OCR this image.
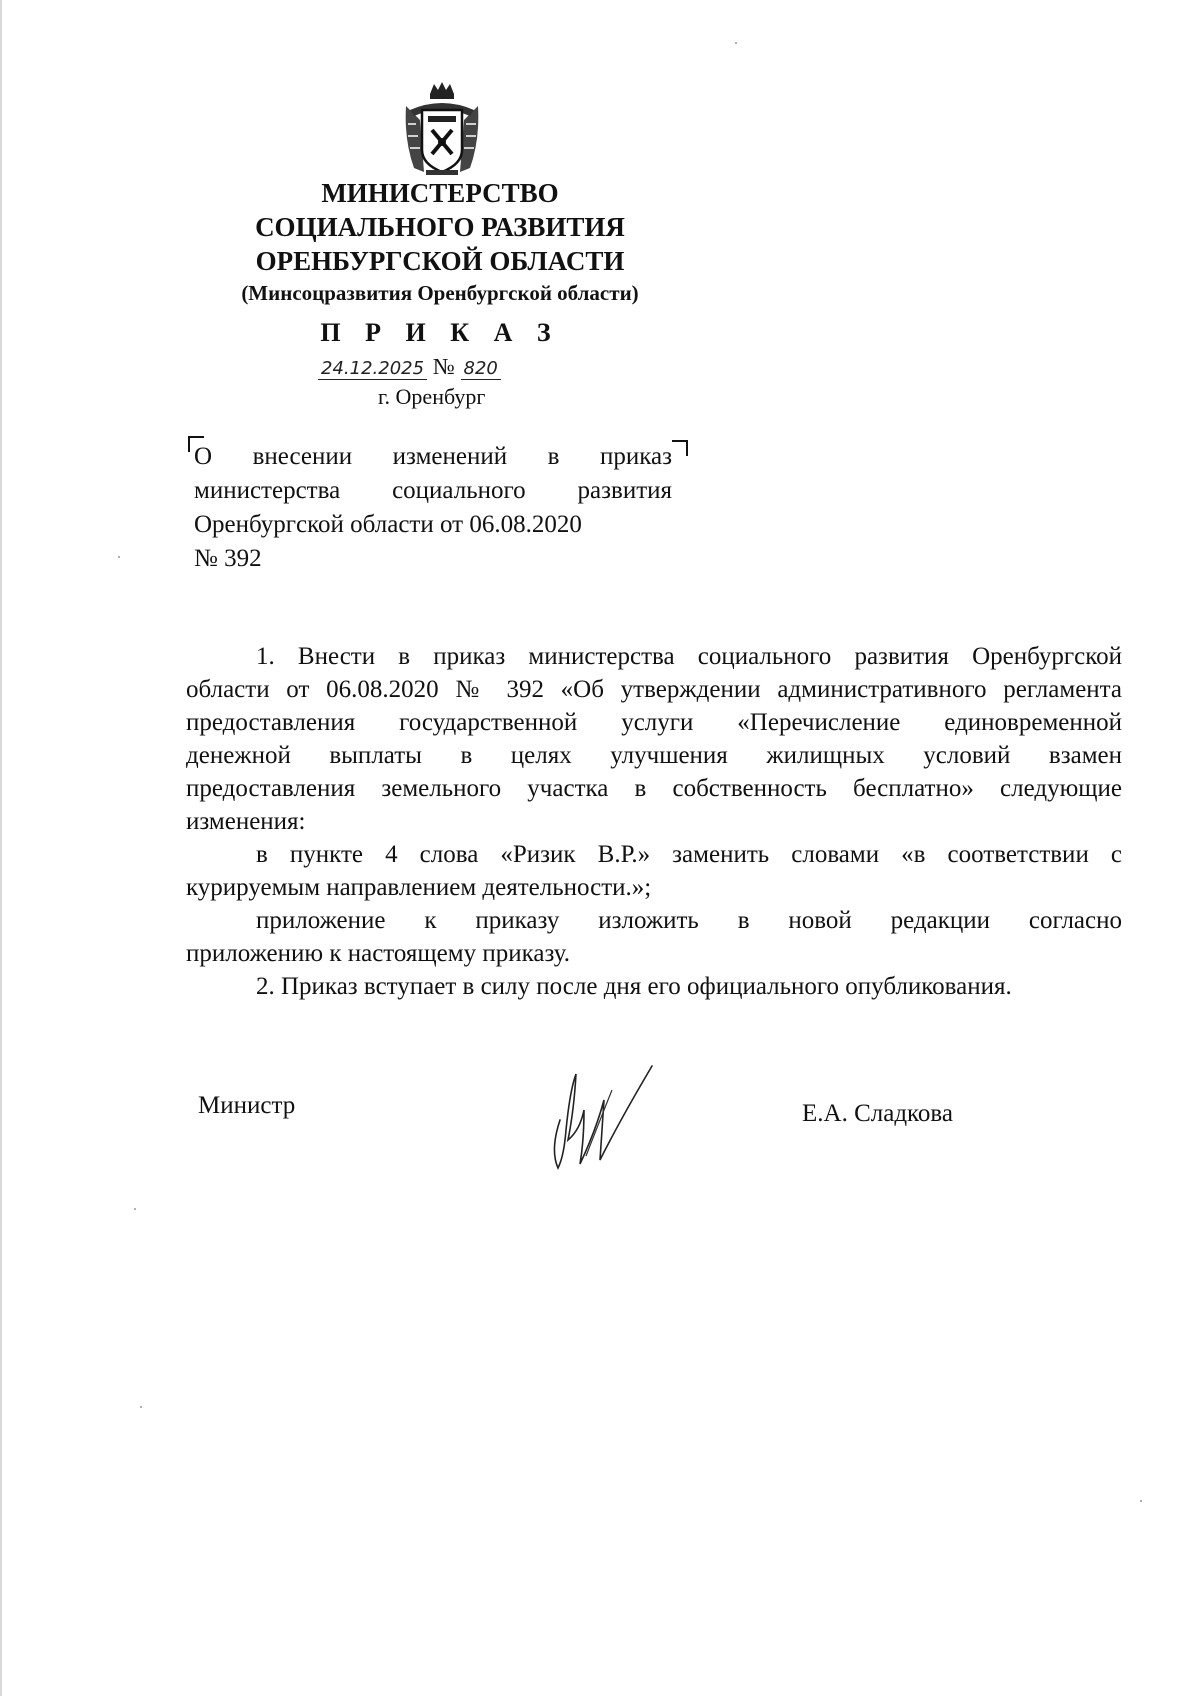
МИНИСТЕРСТВО
СОЦИАЛЬНОГО РАЗВИТИЯ
ОРЕНБУРГСКОЙ ОБЛАСТИ
(Минсоцразвития Оренбургской области)
П Р И К А З
24.12.2025 № 820
г. Оренбург
О внесении изменений в приказ
министерства социального развития
Оренбургской области от 06.08.2020
№ 392
1. Внести в приказ министерства социального развития Оренбургской
области от 06.08.2020 № 392 «Об утверждении административного регламента
предоставления государственной услуги «Перечисление единовременной
денежной выплаты в целях улучшения жилищных условий взамен
предоставления земельного участка в собственность бесплатно» следующие
изменения:
в пункте 4 слова «Ризик В.Р.» заменить словами «в соответствии с
курируемым направлением деятельности.»;
приложение к приказу изложить в новой редакции согласно
приложению к настоящему приказу.
2. Приказ вступает в силу после дня его официального опубликования.
Министр	Е.А. Сладкова
